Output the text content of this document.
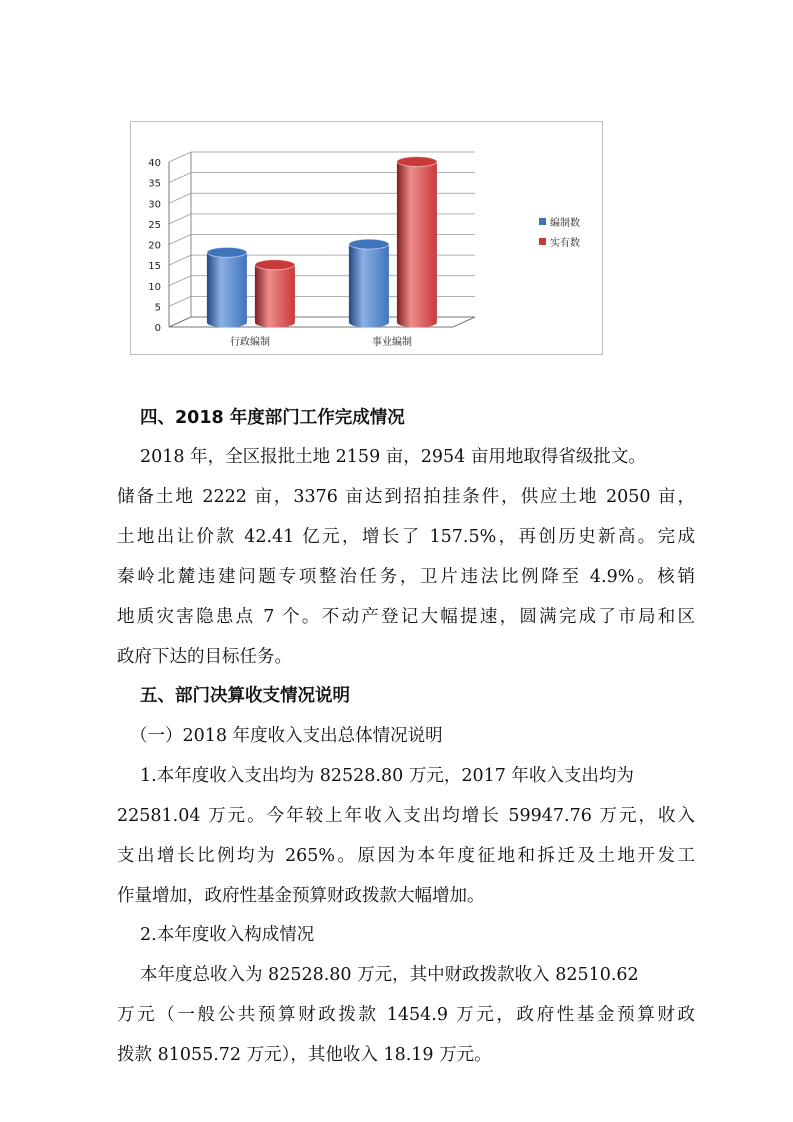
0
5
10
15
20
25
30
35
40
行政编制	事业编制
编制数
实有数
四、2018 年度部门工作完成情况
2018 年，全区报批土地 2159 亩，2954 亩用地取得省级批文。
储备土地 2222 亩，3376 亩达到招拍挂条件，供应土地 2050 亩，
土地出让价款 42.41 亿元，增长了 157.5%，再创历史新高。完成
秦岭北麓违建问题专项整治任务，卫片违法比例降至 4.9%。核销
地质灾害隐患点 7 个。不动产登记大幅提速，圆满完成了市局和区
政府下达的目标任务。
五、部门决算收支情况说明
（一）2018 年度收入支出总体情况说明
1.本年度收入支出均为 82528.80 万元，2017 年收入支出均为
22581.04 万元。今年较上年收入支出均增长 59947.76 万元，收入
支出增长比例均为 265%。原因为本年度征地和拆迁及土地开发工
作量增加，政府性基金预算财政拨款大幅增加。
2.本年度收入构成情况
本年度总收入为 82528.80 万元，其中财政拨款收入 82510.62
万元（一般公共预算财政拨款 1454.9 万元，政府性基金预算财政
拨款 81055.72 万元），其他收入 18.19 万元。
